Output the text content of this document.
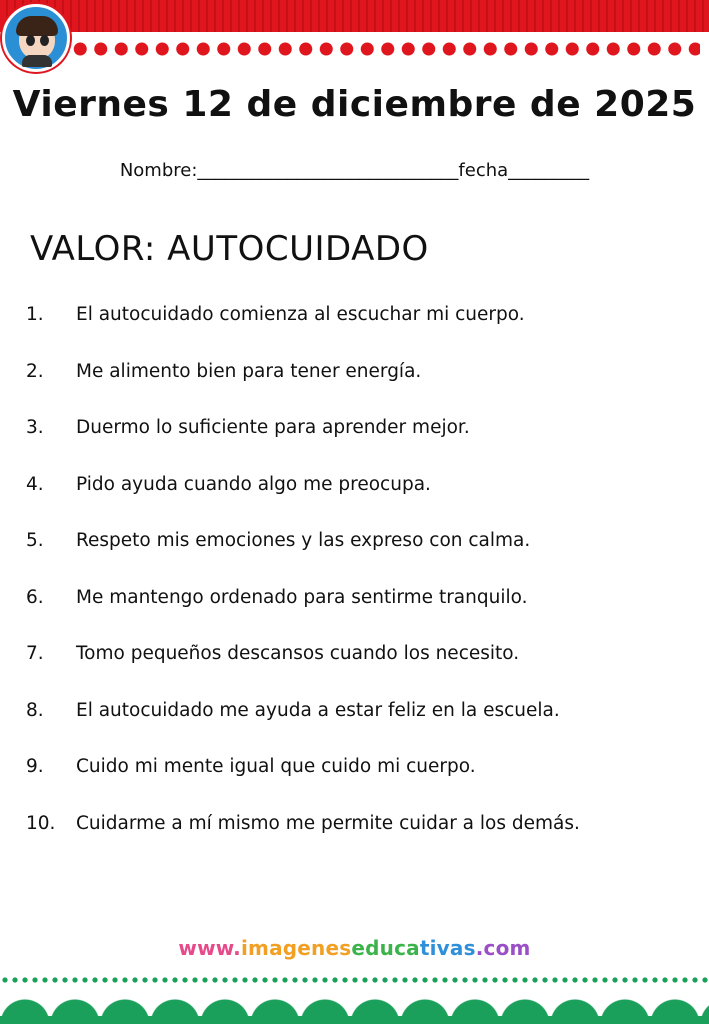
Viernes 12 de diciembre de 2025

Nombre:_____________________________fecha_________

VALOR: AUTOCUIDADO
1.	El autocuidado comienza al escuchar mi cuerpo.
2.	Me alimento bien para tener energía.
3.	Duermo lo suficiente para aprender mejor.
4.	Pido ayuda cuando algo me preocupa.
5.	Respeto mis emociones y las expreso con calma.
6.	Me mantengo ordenado para sentirme tranquilo.
7.	Tomo pequeños descansos cuando los necesito.
8.	El autocuidado me ayuda a estar feliz en la escuela.
9.	Cuido mi mente igual que cuido mi cuerpo.
10.	Cuidarme a mí mismo me permite cuidar a los demás.
www.imageneseducativas.com
